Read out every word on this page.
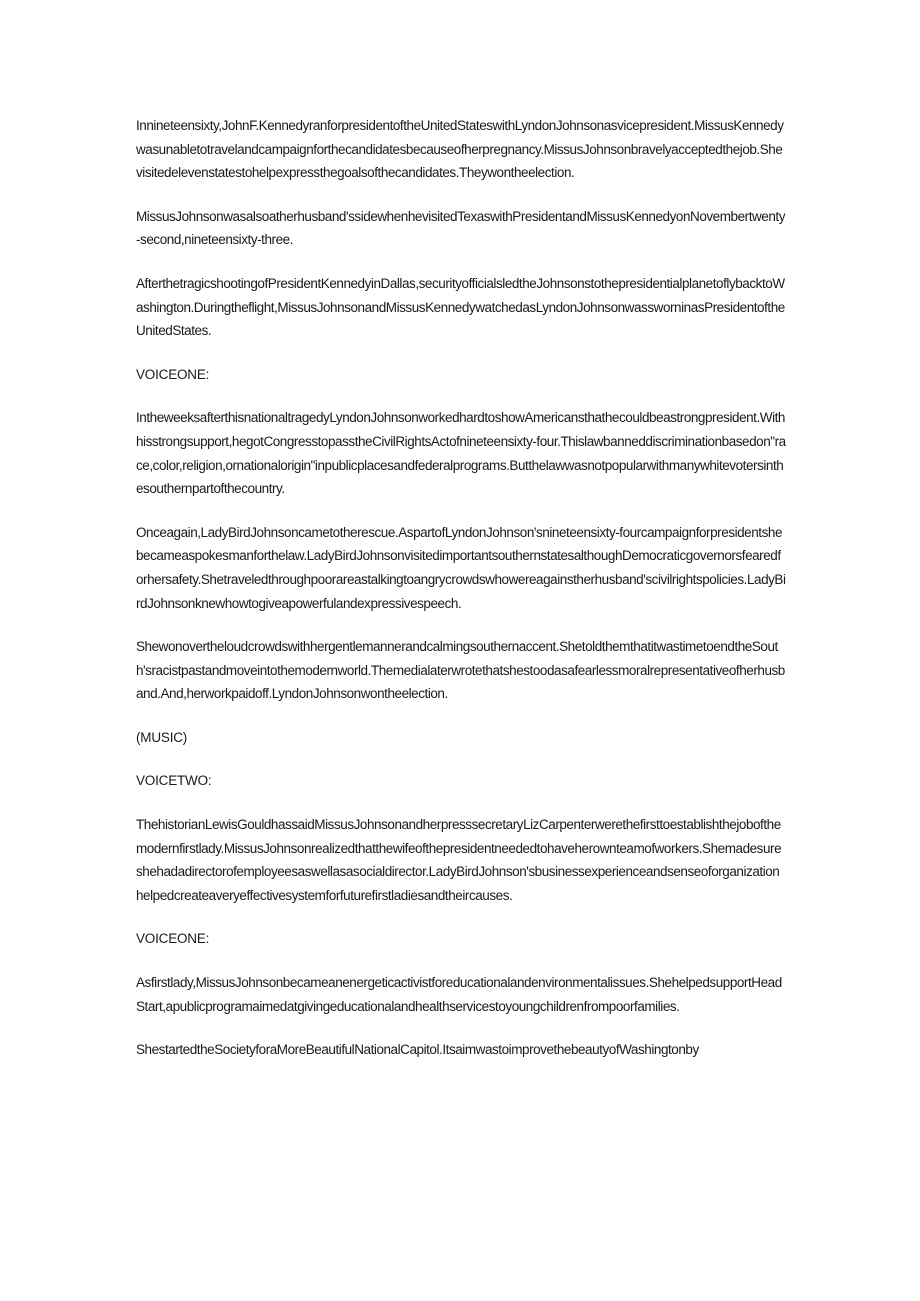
Inninetеensixty,JohnF.KennedyranforpresidentoftheUnitedStateswithLyndonJohnsonasvicepresident.MissusKennedywasunabletotravelandcampaignforthecandidatesbecauseofherpregnancy.MissusJohnsonbravelyacceptedthejob.Shevisitedelevenstatestohelpexpressthegoalsofthecandidates.Theywontheelection.

MissusJohnsonwasalsoatherhusband'ssidewhenhevisitedTexaswithPresidentandMissusKennedyonNovembertwenty-second,nineteensixty-three.

AfterthetragicshootingofPresidentKennedyinDallas,securityofficialsledtheJohnsonstothepresidentialplanetoflybacktoWashington.Duringtheflight,MissusJohnsonandMissusKennedywatchedasLyndonJohnsonwassworninasPresidentoftheUnitedStates.

VOICEONE:

IntheweeksafterthisnationaltragedyLyndonJohnsonworkedhardtoshowAmericansthathecouldbeastrongpresident.Withhisstrongsupport,hegotCongresstopasstheCivilRightsActofnineteensixty-four.Thislawbanneddiscriminationbasedon"race,color,religion,ornationalorigin"inpublicplacesandfederalprograms.Butthelawwasnotpopularwithmanywhitevotersinthesouthernpartofthecountry.

Onceagain,LadyBirdJohnsoncametotherescue.AspartofLyndonJohnson'snineteensixty-fourcampaignforpresidentshebecameaspokesmanforthelaw.LadyBirdJohnsonvisitedimportantsouthernstatesalthoughDemocraticgovernorsfearedforhersafety.Shetraveledthroughpoorareastalkingtoangrycrowdswhowereagainstherhusband'scivilrightspolicies.LadyBirdJohnsonknewhowtogiveapowerfulandexpressivespeech.

Shewonovertheloudcrowdswithhergentlemannerandcalmingsouthernaccent.ShetoldthemthatitwastimetoendtheSouth'sracistpastandmoveintothemodernworld.Themedialaterwrotethatshestoodasafearlessmoralrepresentativeofherhusband.And,herworkpaidoff.LyndonJohnsonwontheelection.

(MUSIC)

VOICETWO:

ThehistorianLewisGouldhassaidMissusJohnsonandherpresssecretaryLizCarpenterwerethefirsttoestablishthejobofthemodernfirstlady.MissusJohnsonrealizedthatthewifeofthepresidentneededtohaveherownteamofworkers.Shemadesureshehadadirectorofemployeesaswellasasocialdirector.LadyBirdJohnson'sbusinessexperienceandsenseoforganizationhelpedcreateaveryeffectivesystemforfuturefirstladiesandtheircauses.

VOICEONE:

Asfirstlady,MissusJohnsonbecameanenergeticactivistforeducationalandenvironmentalissues.ShehelpedsupportHeadStart,apublicprogramaimedatgivingeducationalandhealthservicestoyoungchildrenfrompoorfamilies.

ShestartedtheSocietyforaMoreBeautifulNationalCapitol.ItsaimwastoimprovethebeautyofWashingtonby
